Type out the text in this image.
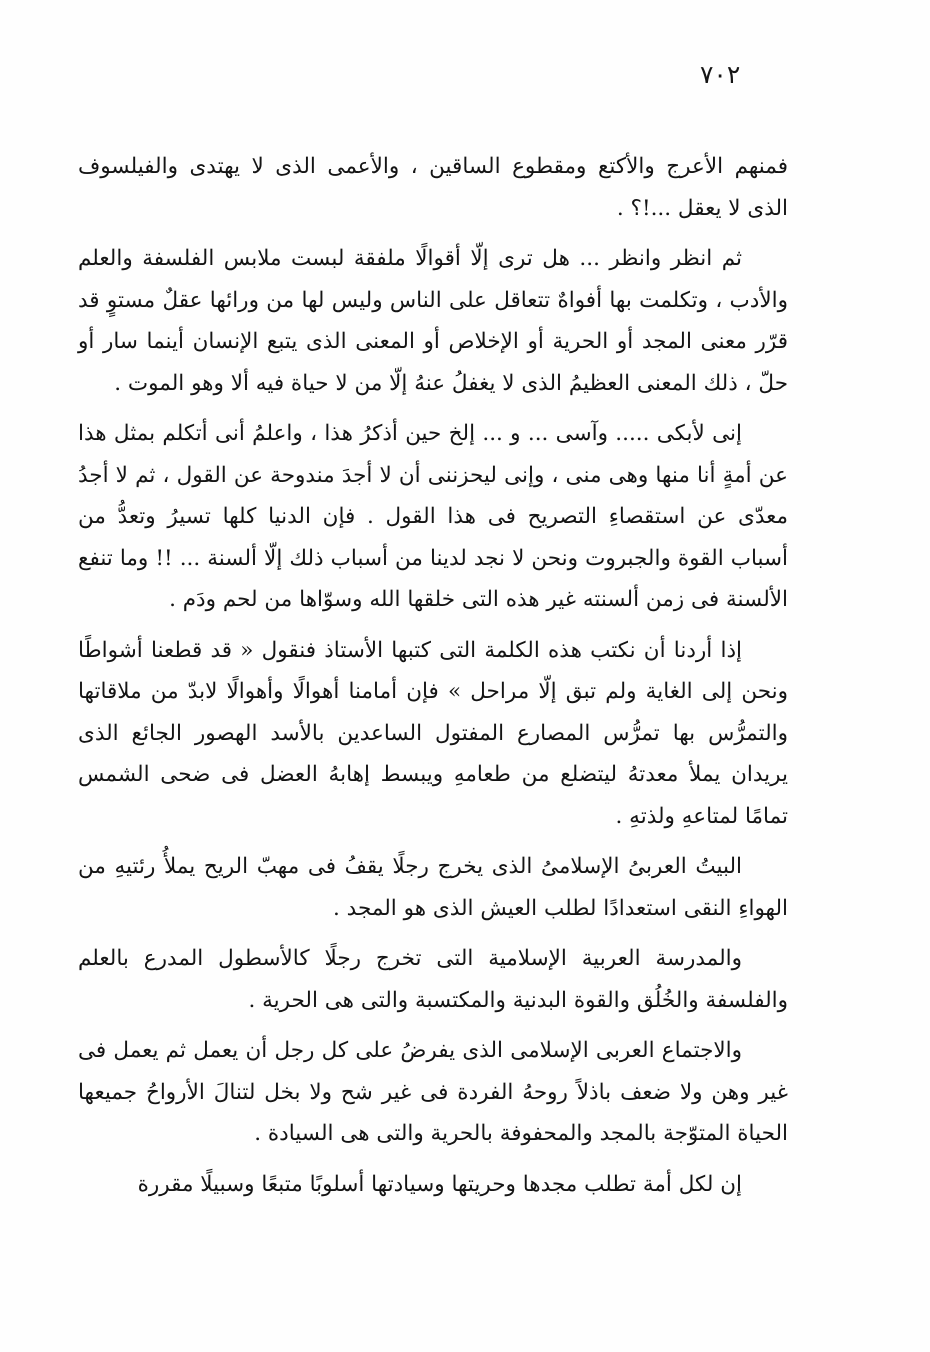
٧٠٢

فمنهم الأعرج والأكتع ومقطوع الساقين ، والأعمى الذى لا يهتدى والفيلسوف الذى لا يعقل ...!؟ .

ثم انظر وانظر ... هل ترى إلّا أقوالًا ملفقة لبست ملابس الفلسفة والعلم والأدب ، وتكلمت بها أفواهٌ تتعاقل على الناس وليس لها من ورائها عقلٌ مستوٍ قد قرّر معنى المجد أو الحرية أو الإخلاص أو المعنى الذى يتبع الإنسان أينما سار أو حلّ ، ذلك المعنى العظيمُ الذى لا يغفلُ عنهُ إلّا من لا حياة فيه ألا وهو الموت .

إنى لأبكى ..... وآسى ... و ... إلخ حين أذكرُ هذا ، واعلمُ أنى أتكلم بمثل هذا عن أمةٍ أنا منها وهى منى ، وإنى ليحزننى أن لا أجدَ مندوحة عن القول ، ثم لا أجدُ معدّى عن استقصاءِ التصريح فى هذا القول . فإن الدنيا كلها تسيرُ وتعدُّ من أسباب القوة والجبروت ونحن لا نجد لدينا من أسباب ذلك إلّا ألسنة ... !! وما تنفع الألسنة فى زمن ألسنته غير هذه التى خلقها الله وسوّاها من لحم ودَم .

إذا أردنا أن نكتب هذه الكلمة التى كتبها الأستاذ فنقول « قد قطعنا أشواطًا ونحن إلى الغاية ولم تبق إلّا مراحل » فإن أمامنا أهوالًا وأهوالًا لابدّ من ملاقاتها والتمرُّس بها تمرُّس المصارع المفتول الساعدين بالأسد الهصور الجائع الذى يريدان يملأ معدتهُ ليتضلع من طعامهِ ويبسط إهابهُ العضل فى ضحى الشمس تمامًا لمتاعهِ ولذتهِ .

البيتُ العربىُ الإسلامىُ الذى يخرج رجلًا يقفُ فى مهبّ الريح يملأُ رئتيهِ من الهواءِ النقى استعدادًا لطلب العيش الذى هو المجد .

والمدرسة العربية الإسلامية التى تخرج رجلًا كالأسطول المدرع بالعلم والفلسفة والخُلُق والقوة البدنية والمكتسبة والتى هى الحرية .

والاجتماع العربى الإسلامى الذى يفرضُ على كل رجل أن يعمل ثم يعمل فى غير وهن ولا ضعف باذلاً روحهُ الفردة فى غير شح ولا بخل لتنالَ الأرواحُ جميعها الحياة المتوّجة بالمجد والمحفوفة بالحرية والتى هى السيادة .

إن لكل أمة تطلب مجدها وحريتها وسيادتها أسلوبًا متبعًا وسبيلًا مقررة
